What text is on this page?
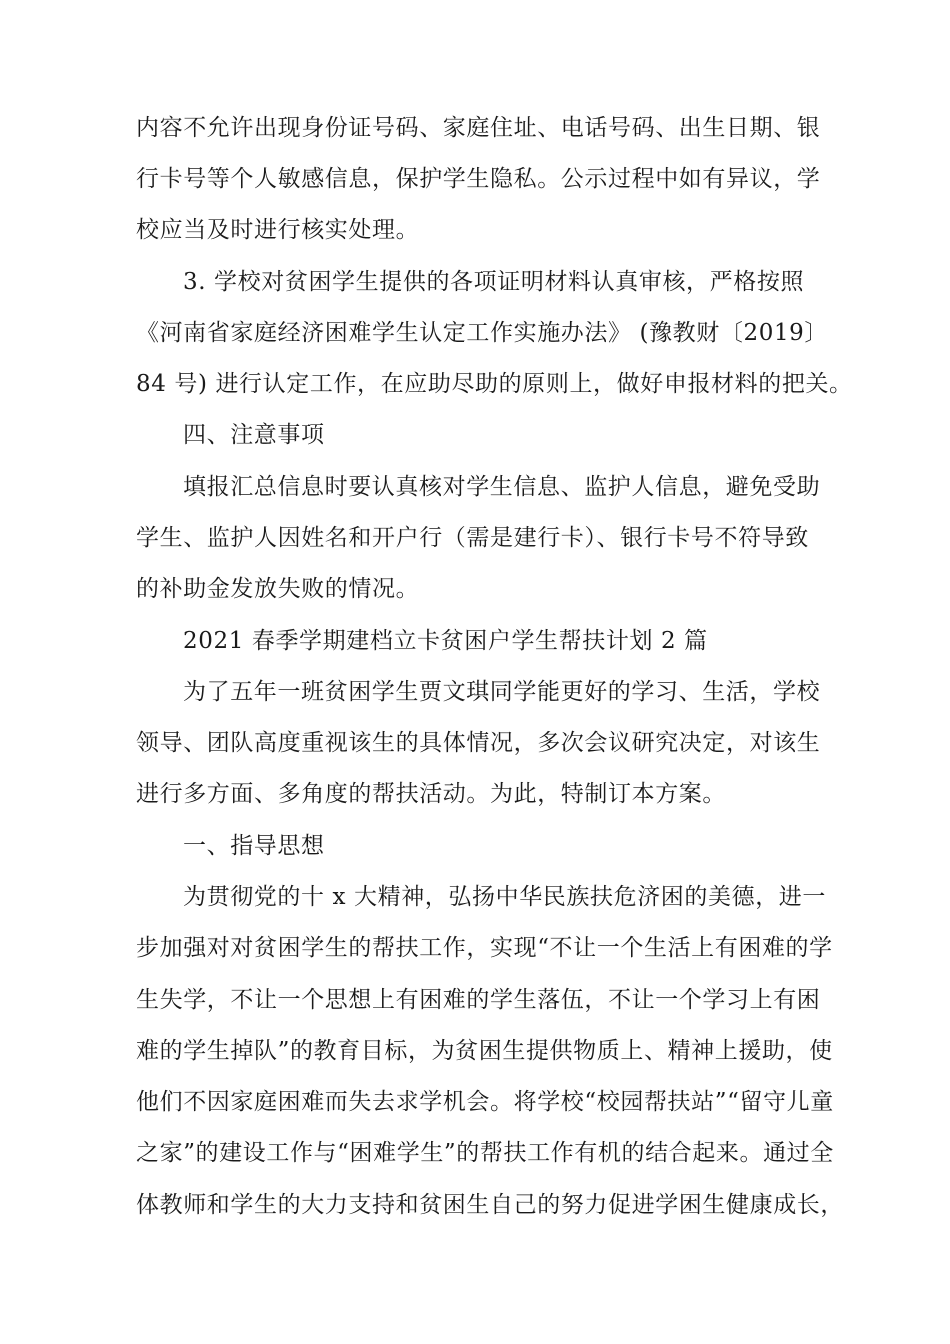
内容不允许出现身份证号码、家庭住址、电话号码、出生日期、银
行卡号等个人敏感信息，保护学生隐私。公示过程中如有异议，学
校应当及时进行核实处理。
3. 学校对贫困学生提供的各项证明材料认真审核，严格按照
《河南省家庭经济困难学生认定工作实施办法》 (豫教财〔2019〕
84 号) 进行认定工作，在应助尽助的原则上，做好申报材料的把关。
四、注意事项
填报汇总信息时要认真核对学生信息、监护人信息，避免受助
学生、监护人因姓名和开户行（需是建行卡）、银行卡号不符导致
的补助金发放失败的情况。
2021 春季学期建档立卡贫困户学生帮扶计划 2 篇
为了五年一班贫困学生贾文琪同学能更好的学习、生活，学校
领导、团队高度重视该生的具体情况，多次会议研究决定，对该生
进行多方面、多角度的帮扶活动。为此，特制订本方案。
一、指导思想
为贯彻党的十 x 大精神，弘扬中华民族扶危济困的美德，进一
步加强对对贫困学生的帮扶工作，实现“不让一个生活上有困难的学
生失学，不让一个思想上有困难的学生落伍，不让一个学习上有困
难的学生掉队”的教育目标，为贫困生提供物质上、精神上援助，使
他们不因家庭困难而失去求学机会。将学校“校园帮扶站”“留守儿童
之家”的建设工作与“困难学生”的帮扶工作有机的结合起来。通过全
体教师和学生的大力支持和贫困生自己的努力促进学困生健康成长，
